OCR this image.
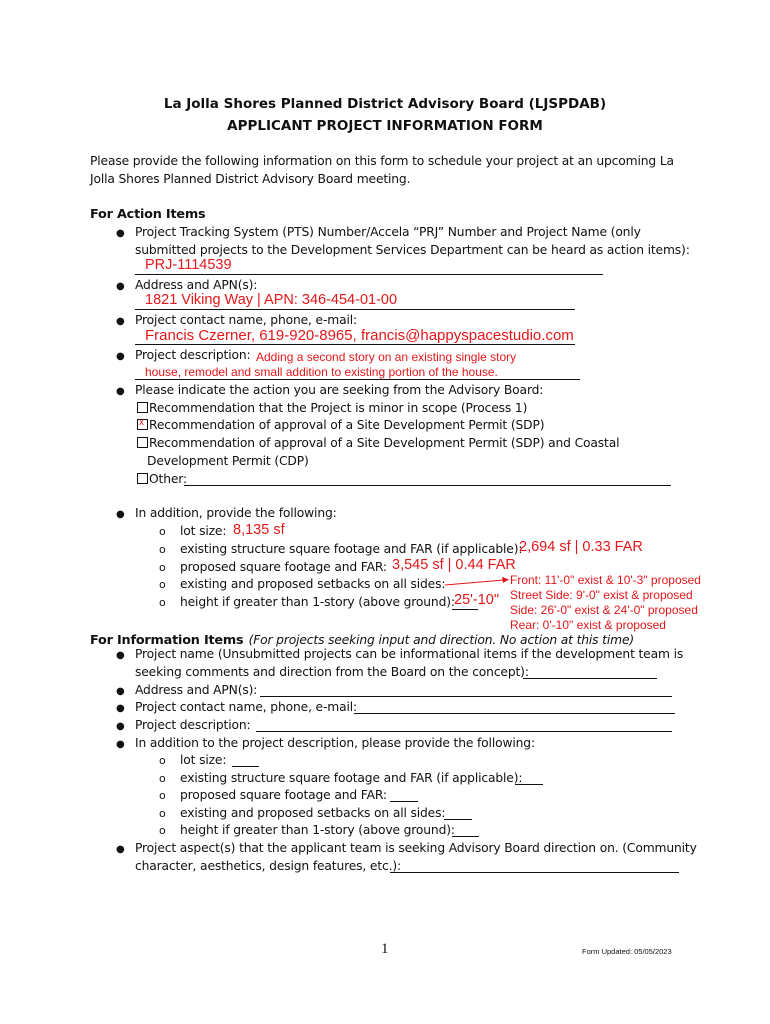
La Jolla Shores Planned District Advisory Board (LJSPDAB)
APPLICANT PROJECT INFORMATION FORM
Please provide the following information on this form to schedule your project at an upcoming La
Jolla Shores Planned District Advisory Board meeting.
For Action Items
● Project Tracking System (PTS) Number/Accela “PRJ” Number and Project Name (only
submitted projects to the Development Services Department can be heard as action items):
PRJ-1114539
● Address and APN(s):
1821 Viking Way | APN: 346-454-01-00
● Project contact name, phone, e-mail:
Francis Czerner, 619-920-8965, francis@happyspacestudio.com
● Project description: Adding a second story on an existing single story
house, remodel and small addition to existing portion of the house.
● Please indicate the action you are seeking from the Advisory Board:
Recommendation that the Project is minor in scope (Process 1)
xRecommendation of approval of a Site Development Permit (SDP)
Recommendation of approval of a Site Development Permit (SDP) and Coastal
Development Permit (CDP)
Other:
● In addition, provide the following:
o lot size: 8,135 sf
o existing structure square footage and FAR (if applicable):
2,694 sf | 0.33 FAR
o proposed square footage and FAR: 3,545 sf | 0.44 FAR
o existing and proposed setbacks on all sides:	Front: 11'-0" exist & 10'-3" proposed
Street Side: 9'-0" exist & proposed
Side: 26'-0" exist & 24'-0" proposed
Rear: 0'-10" exist & proposed
o height if greater than 1-story (above ground): 25'-10"
For Information Items (For projects seeking input and direction. No action at this time)
● Project name (Unsubmitted projects can be informational items if the development team is
seeking comments and direction from the Board on the concept):
● Address and APN(s):
● Project contact name, phone, e-mail:
● Project description:
● In addition to the project description, please provide the following:
o lot size:
o existing structure square footage and FAR (if applicable):
o proposed square footage and FAR:
o existing and proposed setbacks on all sides:
o height if greater than 1-story (above ground):
● Project aspect(s) that the applicant team is seeking Advisory Board direction on. (Community
character, aesthetics, design features, etc.):
1	Form Updated: 05/05/2023
